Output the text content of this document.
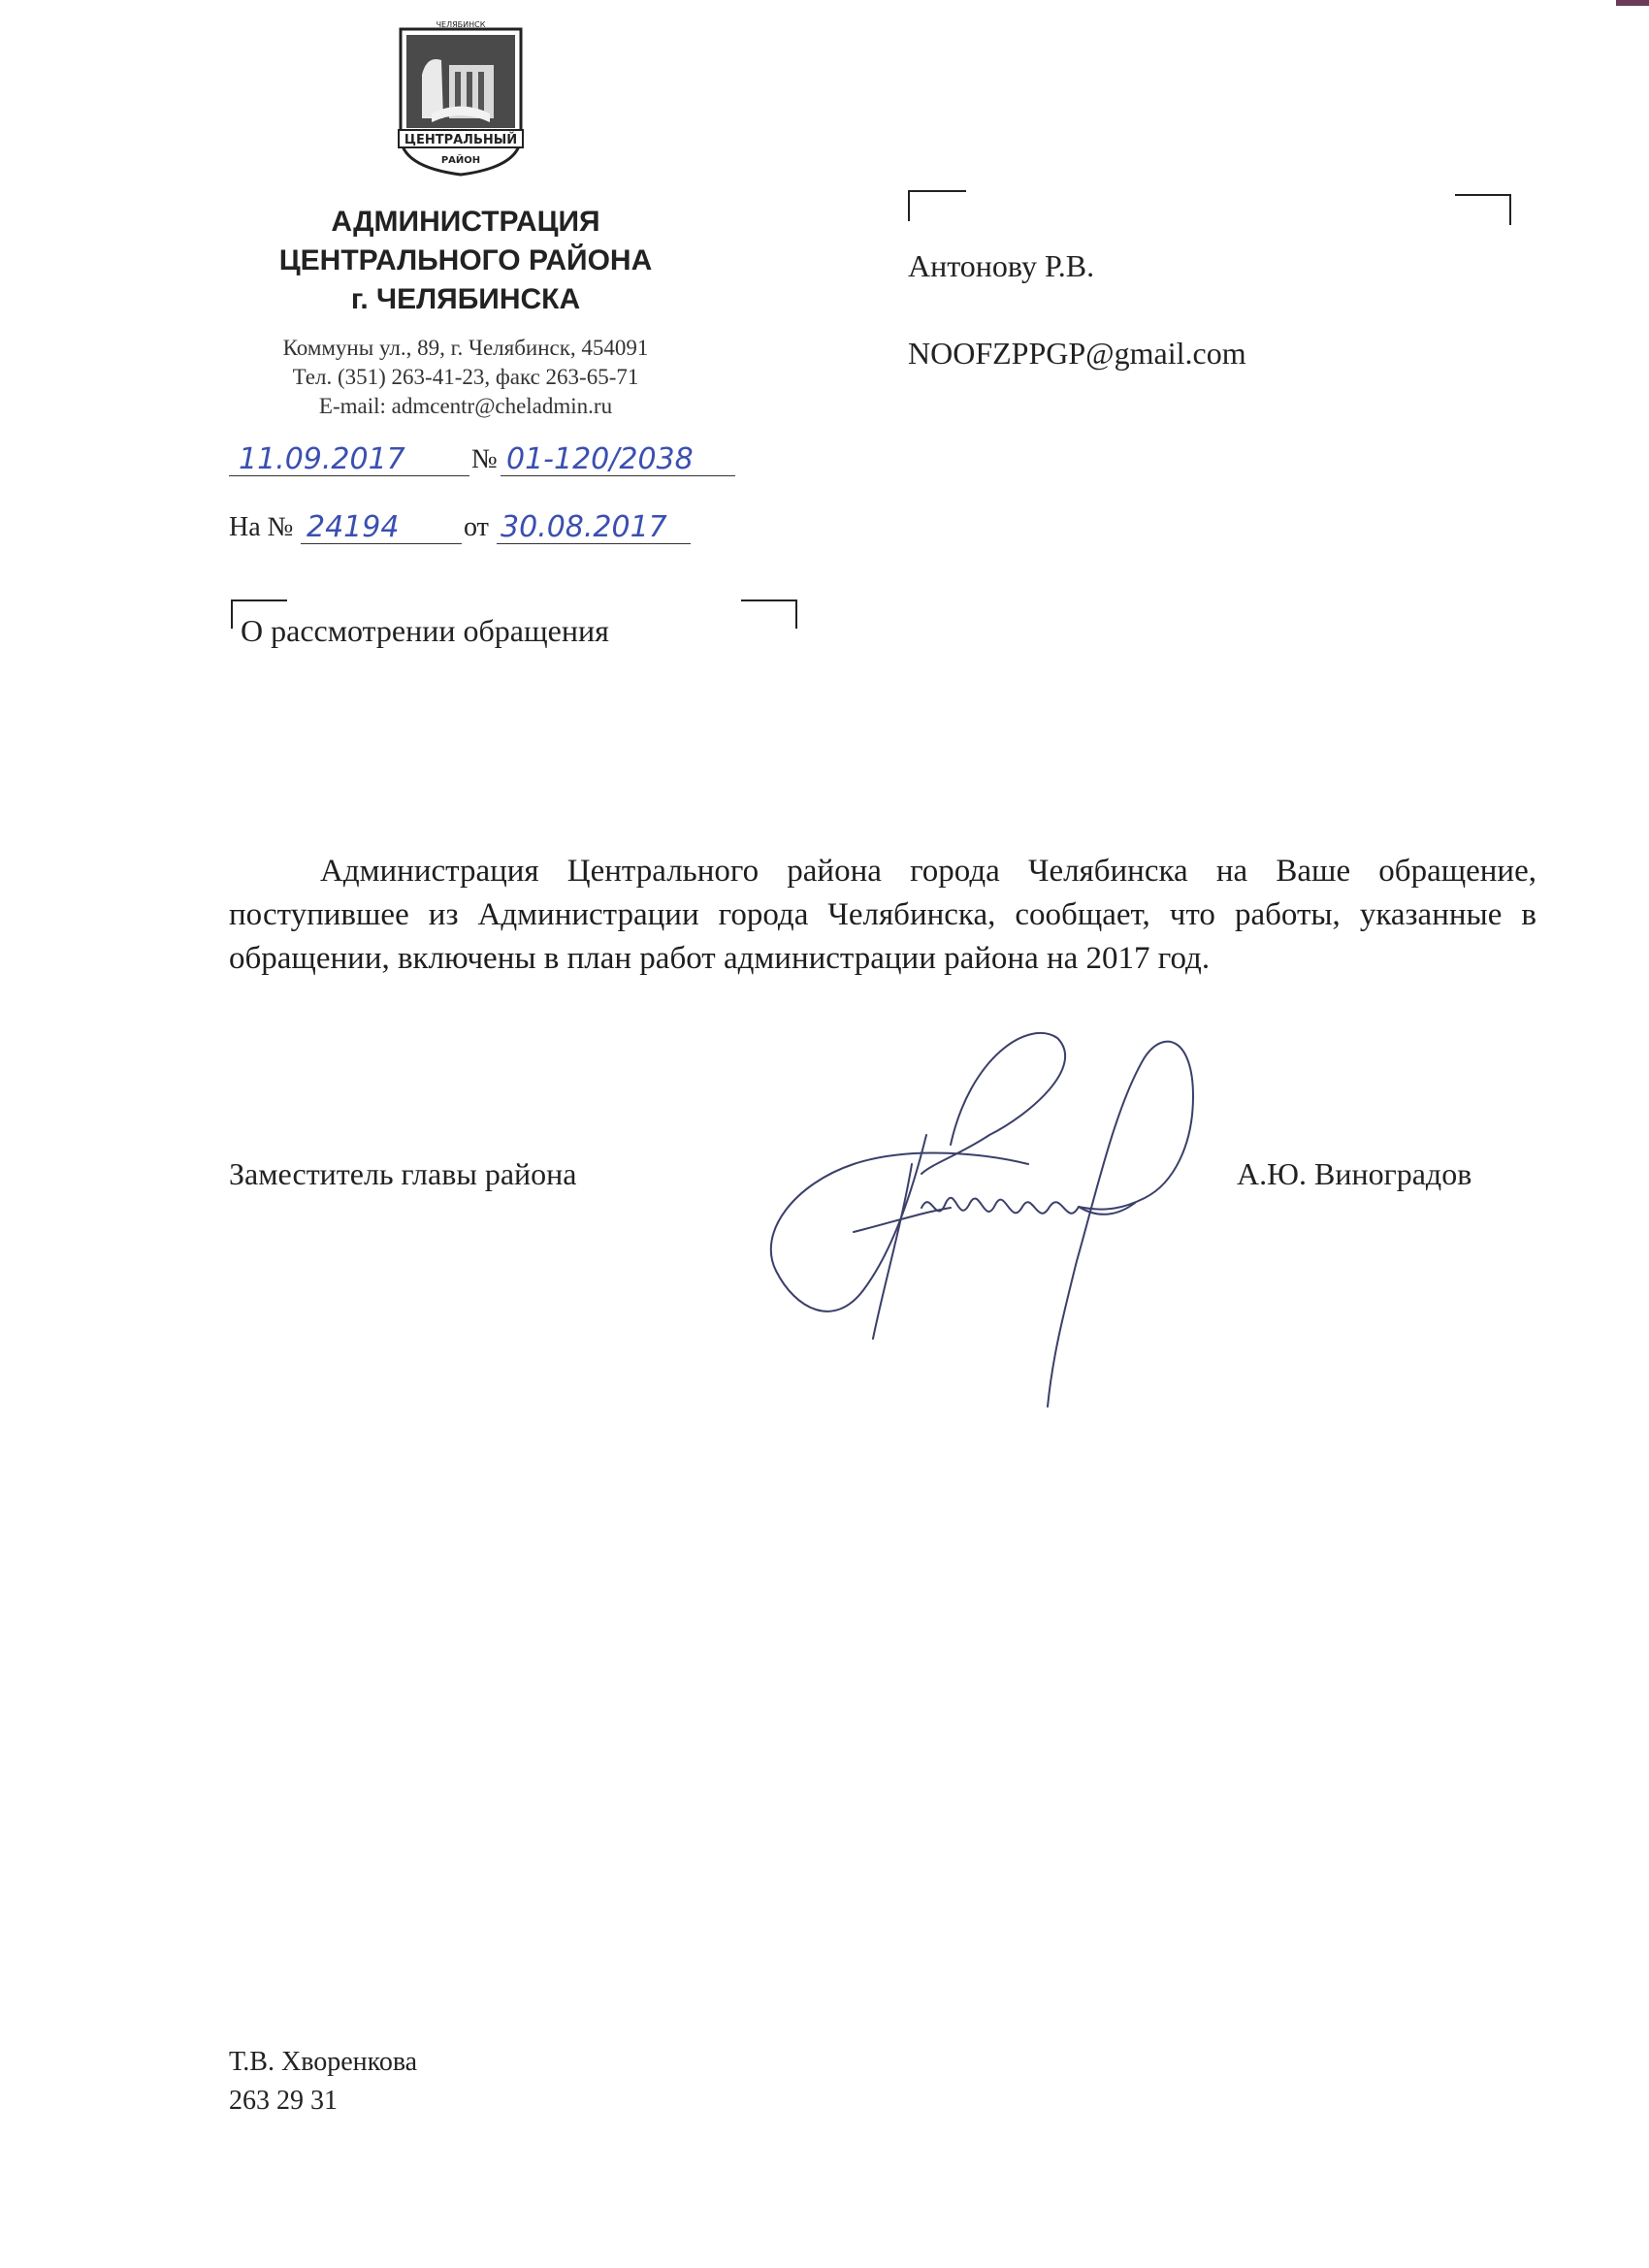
ЧЕЛЯБИНСК
ЦЕНТРАЛЬНЫЙ
РАЙОН
АДМИНИСТРАЦИЯ
ЦЕНТРАЛЬНОГО РАЙОНА
г. ЧЕЛЯБИНСКА
Коммуны ул., 89, г. Челябинск, 454091
Тел. (351) 263-41-23, факс 263-65-71
E-mail: admcentr@cheladmin.ru
11.09.2017 № 01-120/2038
На № 24194 от 30.08.2017
Антонову Р.В.
NOOFZPPGP@gmail.com
О рассмотрении обращения
Администрация Центрального района города Челябинска на Ваше обращение, поступившее из Администрации города Челябинска, сообщает, что работы, указанные в обращении, включены в план работ администрации района на 2017 год.
Заместитель главы района	А.Ю. Виноградов
Т.В. Хворенкова
263 29 31
